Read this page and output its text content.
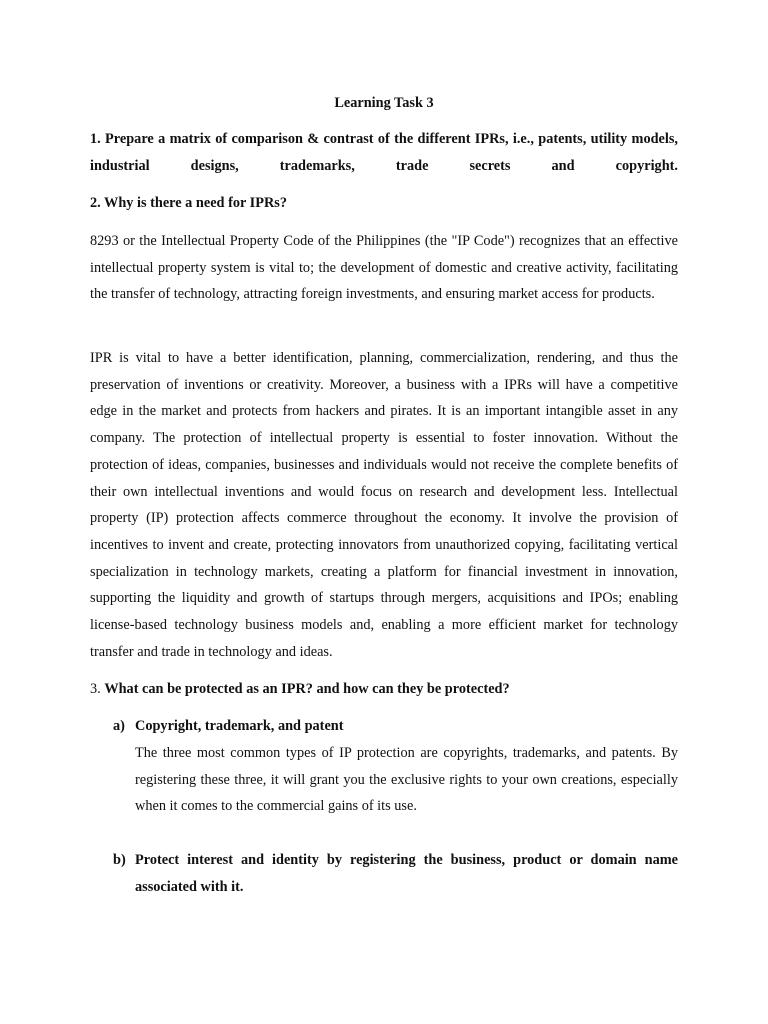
Learning Task 3
1. Prepare a matrix of comparison & contrast of the different IPRs, i.e., patents, utility models, industrial designs, trademarks, trade secrets and copyright.
2. Why is there a need for IPRs?
8293 or the Intellectual Property Code of the Philippines (the "IP Code") recognizes that an effective intellectual property system is vital to; the development of domestic and creative activity, facilitating the transfer of technology, attracting foreign investments, and ensuring market access for products.
IPR is vital to have a better identification, planning, commercialization, rendering, and thus the preservation of inventions or creativity. Moreover, a business with a IPRs will have a competitive edge in the market and protects from hackers and pirates. It is an important intangible asset in any company. The protection of intellectual property is essential to foster innovation. Without the protection of ideas, companies, businesses and individuals would not receive the complete benefits of their own intellectual inventions and would focus on research and development less. Intellectual property (IP) protection affects commerce throughout the economy. It involve the provision of incentives to invent and create, protecting innovators from unauthorized copying, facilitating vertical specialization in technology markets, creating a platform for financial investment in innovation, supporting the liquidity and growth of startups through mergers, acquisitions and IPOs; enabling license-based technology business models and, enabling a more efficient market for technology transfer and trade in technology and ideas.
3. What can be protected as an IPR? and how can they be protected?
a) Copyright, trademark, and patent
The three most common types of IP protection are copyrights, trademarks, and patents. By registering these three, it will grant you the exclusive rights to your own creations, especially when it comes to the commercial gains of its use.
b) Protect interest and identity by registering the business, product or domain name associated with it.
